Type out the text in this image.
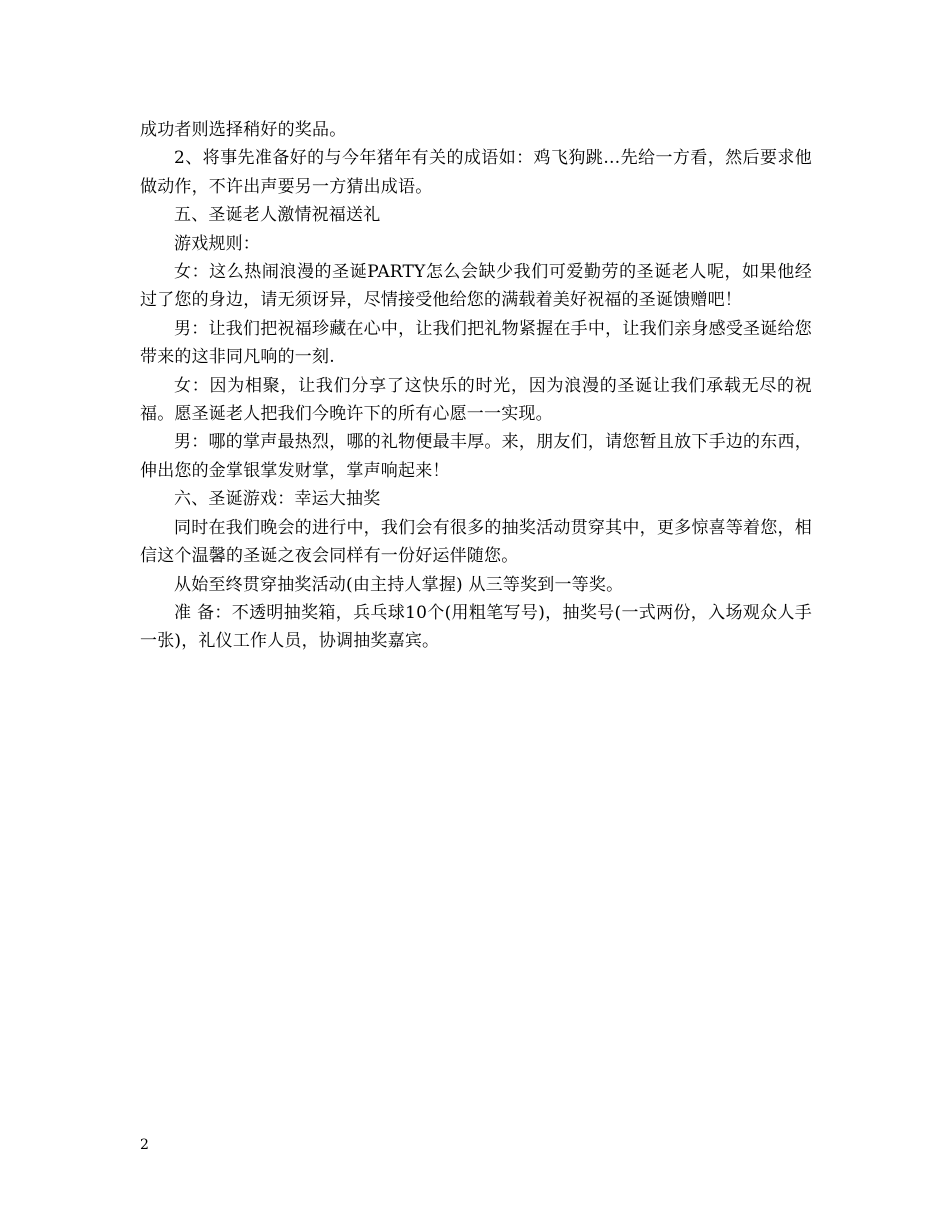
成功者则选择稍好的奖品。

2、将事先准备好的与今年猪年有关的成语如：鸡飞狗跳…先给一方看，然后要求他做动作，不许出声要另一方猜出成语。

五、圣诞老人激情祝福送礼

游戏规则：

女：这么热闹浪漫的圣诞PARTY怎么会缺少我们可爱勤劳的圣诞老人呢，如果他经过了您的身边，请无须讶异，尽情接受他给您的满载着美好祝福的圣诞馈赠吧！

男：让我们把祝福珍藏在心中，让我们把礼物紧握在手中，让我们亲身感受圣诞给您带来的这非同凡响的一刻.

女：因为相聚，让我们分享了这快乐的时光，因为浪漫的圣诞让我们承载无尽的祝福。愿圣诞老人把我们今晚许下的所有心愿一一实现。

男：哪的掌声最热烈，哪的礼物便最丰厚。来，朋友们，请您暂且放下手边的东西，伸出您的金掌银掌发财掌，掌声响起来！

六、圣诞游戏：幸运大抽奖

同时在我们晚会的进行中，我们会有很多的抽奖活动贯穿其中，更多惊喜等着您，相信这个温馨的圣诞之夜会同样有一份好运伴随您。

从始至终贯穿抽奖活动(由主持人掌握) 从三等奖到一等奖。

准 备：不透明抽奖箱，兵乓球10个(用粗笔写号)，抽奖号(一式两份，入场观众人手一张)，礼仪工作人员，协调抽奖嘉宾。

2
